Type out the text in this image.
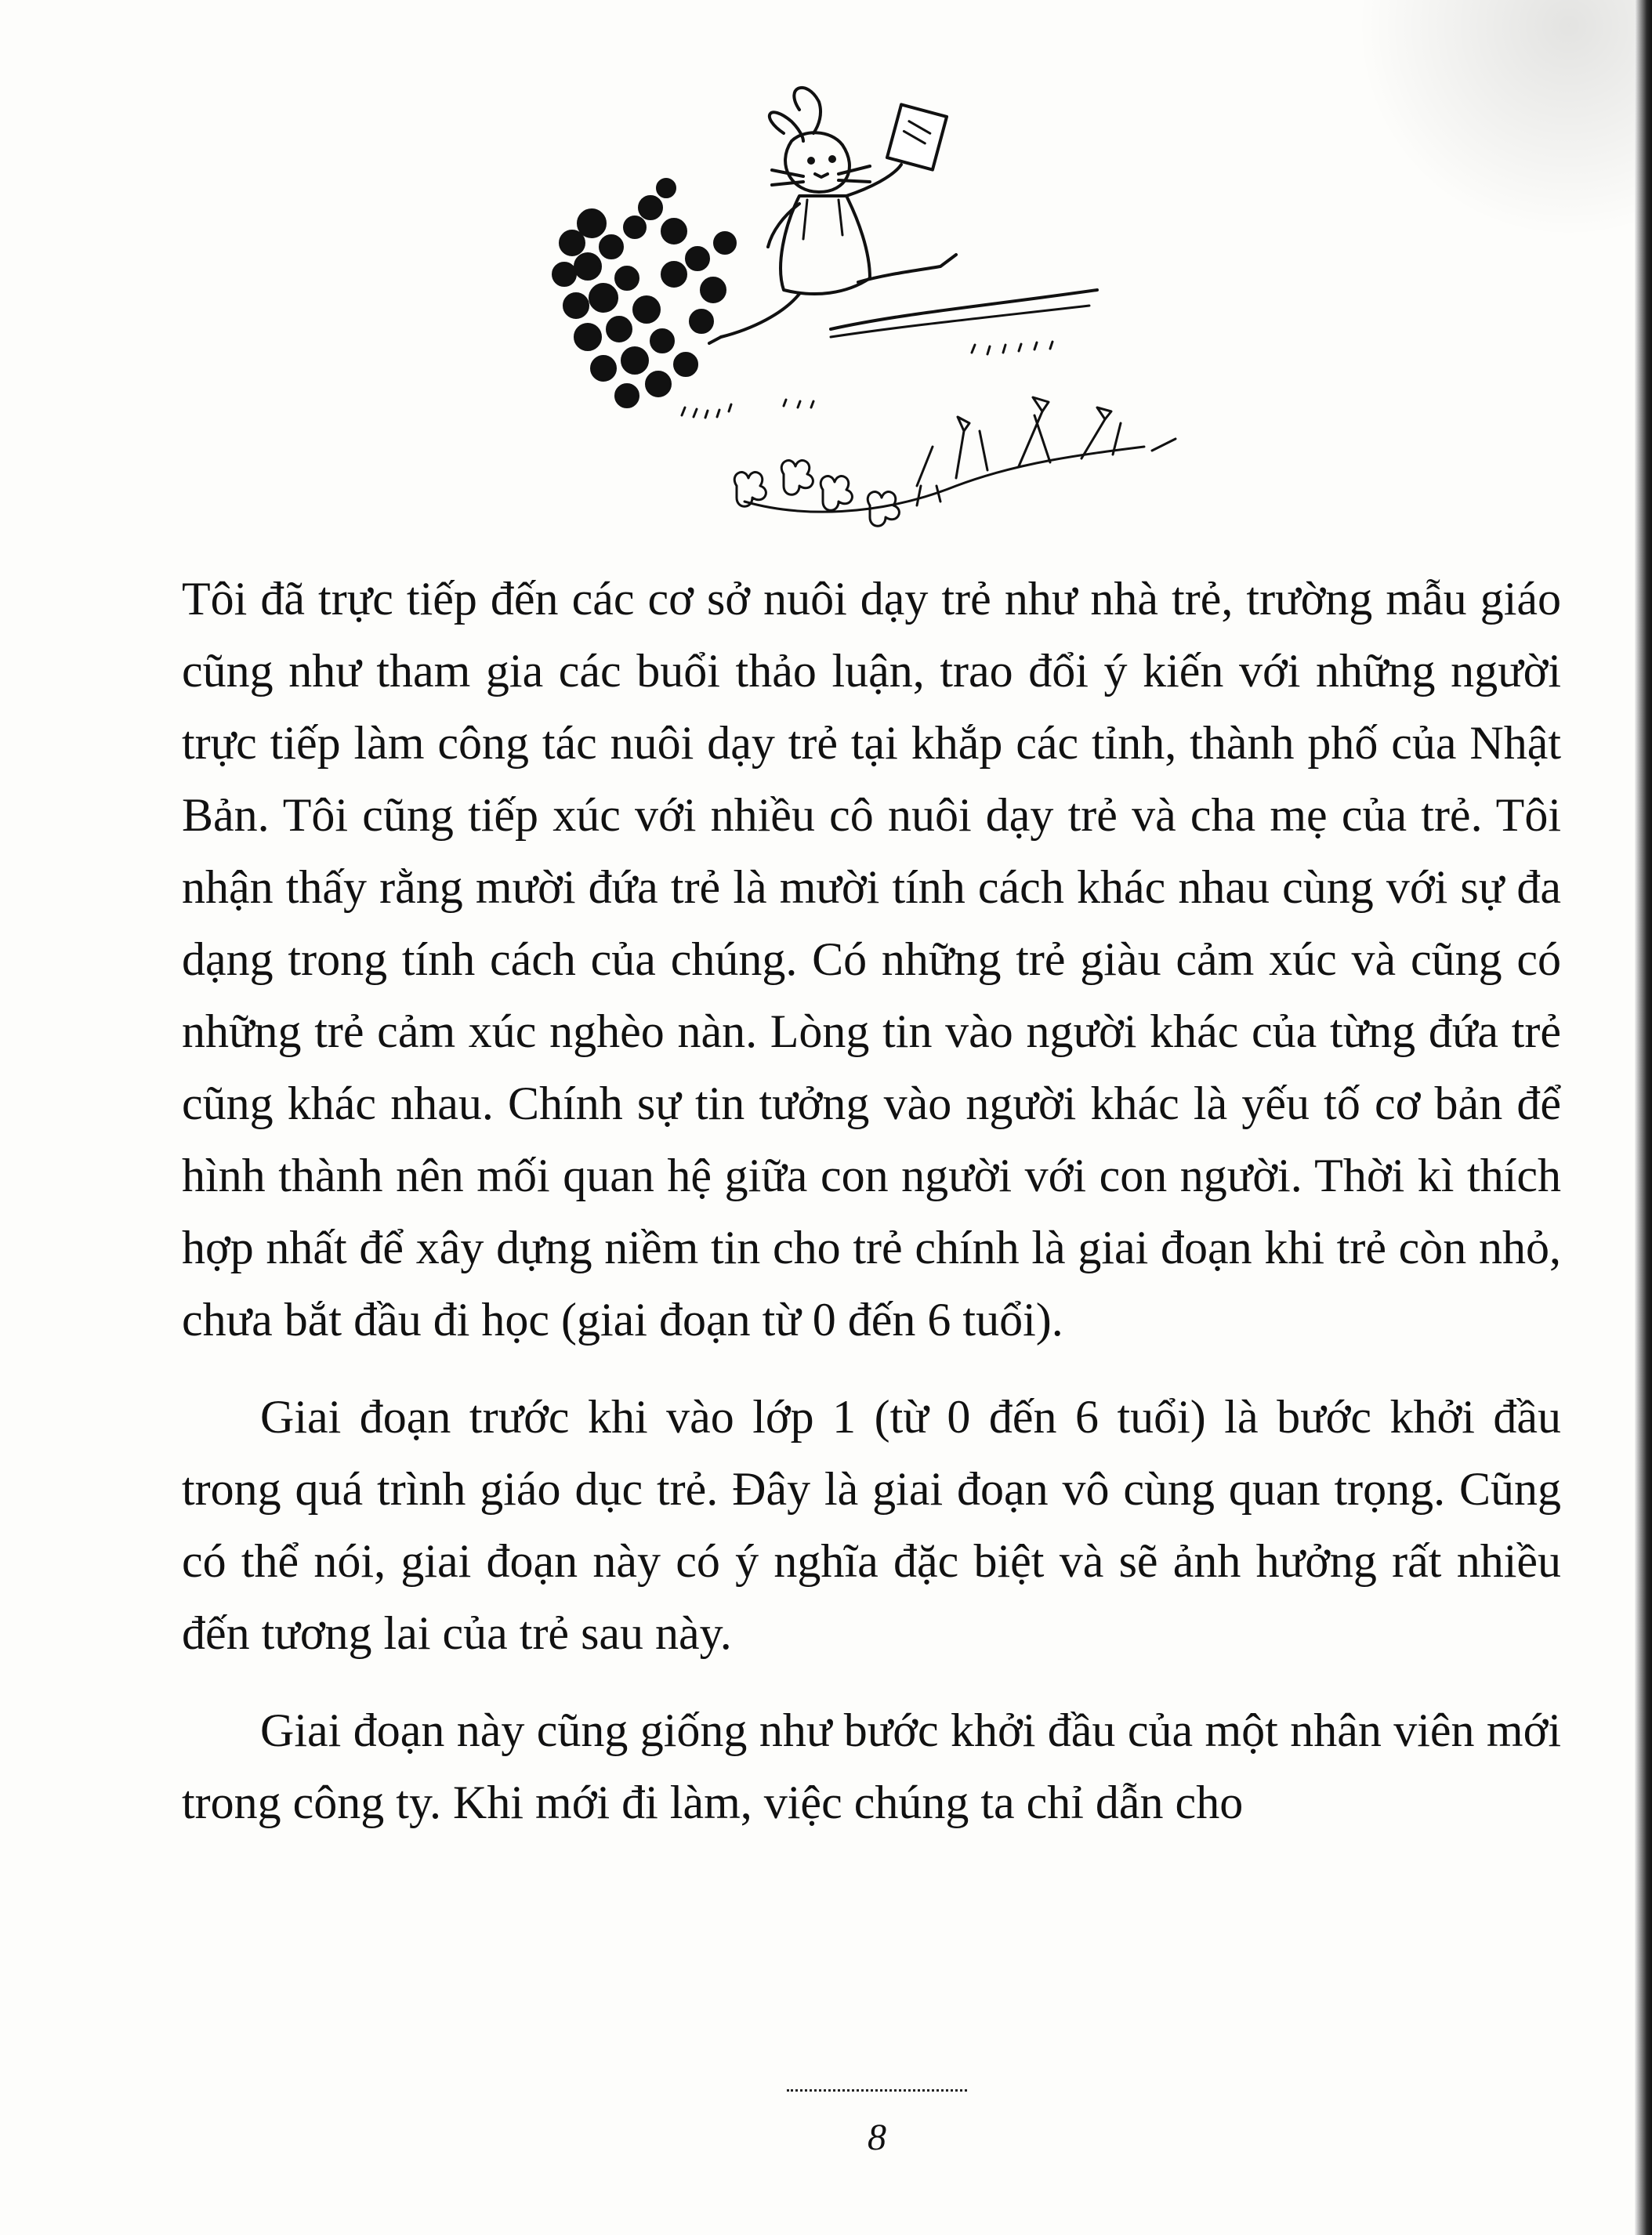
Tôi đã trực tiếp đến các cơ sở nuôi dạy trẻ như nhà trẻ, trường mẫu giáo cũng như tham gia các buổi thảo luận, trao đổi ý kiến với những người trực tiếp làm công tác nuôi dạy trẻ tại khắp các tỉnh, thành phố của Nhật Bản. Tôi cũng tiếp xúc với nhiều cô nuôi dạy trẻ và cha mẹ của trẻ. Tôi nhận thấy rằng mười đứa trẻ là mười tính cách khác nhau cùng với sự đa dạng trong tính cách của chúng. Có những trẻ giàu cảm xúc và cũng có những trẻ cảm xúc nghèo nàn. Lòng tin vào người khác của từng đứa trẻ cũng khác nhau. Chính sự tin tưởng vào người khác là yếu tố cơ bản để hình thành nên mối quan hệ giữa con người với con người. Thời kì thích hợp nhất để xây dựng niềm tin cho trẻ chính là giai đoạn khi trẻ còn nhỏ, chưa bắt đầu đi học (giai đoạn từ 0 đến 6 tuổi).

Giai đoạn trước khi vào lớp 1 (từ 0 đến 6 tuổi) là bước khởi đầu trong quá trình giáo dục trẻ. Đây là giai đoạn vô cùng quan trọng. Cũng có thể nói, giai đoạn này có ý nghĩa đặc biệt và sẽ ảnh hưởng rất nhiều đến tương lai của trẻ sau này.

Giai đoạn này cũng giống như bước khởi đầu của một nhân viên mới trong công ty. Khi mới đi làm, việc chúng ta chỉ dẫn cho

8
